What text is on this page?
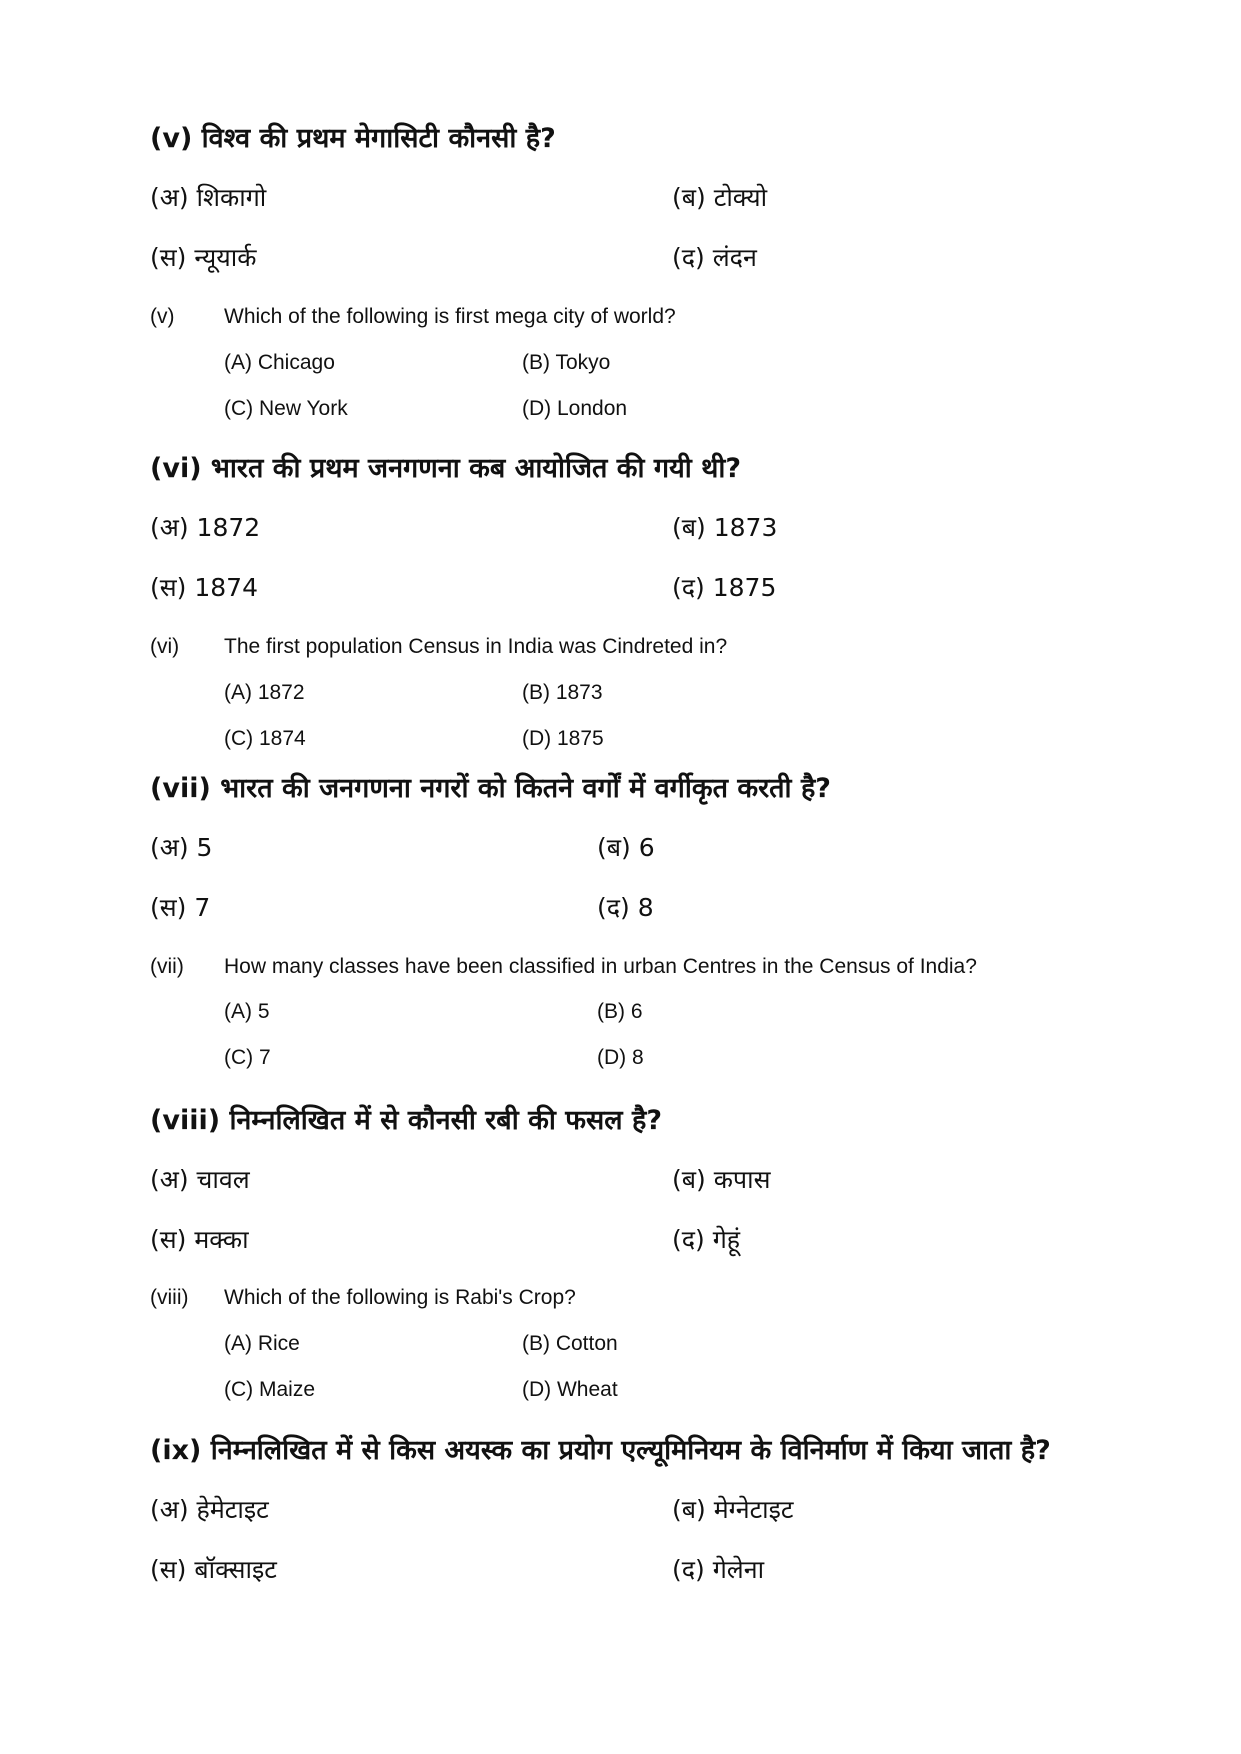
(v) विश्व की प्रथम मेगासिटी कौनसी है?
(अ) शिकागो	(ब) टोक्यो
(स) न्यूयार्क	(द) लंदन
(v) Which of the following is first mega city of world?
(A) Chicago	(B) Tokyo
(C) New York	(D) London
(vi) भारत की प्रथम जनगणना कब आयोजित की गयी थी?
(अ) 1872	(ब) 1873
(स) 1874	(द) 1875
(vi) The first population Census in India was Cindreted in?
(A) 1872	(B) 1873
(C) 1874	(D) 1875
(vii) भारत की जनगणना नगरों को कितने वर्गों में वर्गीकृत करती है?
(अ) 5	(ब) 6
(स) 7	(द) 8
(vii) How many classes have been classified in urban Centres in the Census of India?
(A) 5	(B) 6
(C) 7	(D) 8
(viii) निम्नलिखित में से कौनसी रबी की फसल है?
(अ) चावल	(ब) कपास
(स) मक्का	(द) गेहूं
(viii) Which of the following is Rabi's Crop?
(A) Rice	(B) Cotton
(C) Maize	(D) Wheat
(ix) निम्नलिखित में से किस अयस्क का प्रयोग एल्यूमिनियम के विनिर्माण में किया जाता है?
(अ) हेमेटाइट	(ब) मेग्नेटाइट
(स) बॉक्साइट	(द) गेलेना
